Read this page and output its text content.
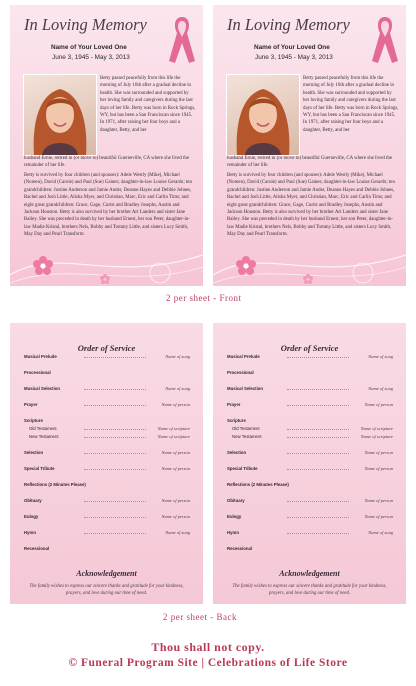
In Loving Memory
Name of Your Loved One
June 3, 1945 - May 3, 2013
Betty passed peacefully from this life the morning of July 16th after a gradual decline in health. She was surrounded and supported by her loving family and caregivers during the last days of her life. Betty was born in Rock Springs, WY, but has been a San Franciscan since 1945. In 1971, after raising her four boys and a daughter, Betty, and her
husband Ernie, retired in (or move to) beautiful Guerneville, CA where she lived the remainder of her life.
Betty is survived by four children (and spouses): Adele Westly (Mike), Michael (Noreen), David (Carole) and Paul (Sue) Gaines; daughter-in-law Louise Gerards; ten grandchildren: Justine Anderson and Jamie Ander, Deanne Hayes and Debbie Johnes, Rachel and Josh Little, Alisha Myer, and Christian, Marc, Eric and Carlin Tims; and eight great grandchildren: Grace, Gage, Curtis and Bradley Josephs, Austin and Jackson Houston. Betty is also survived by her brother Art Landers and sister Jane Bailey. She was preceded in death by her husband Ernest, her son Peter, daughter-in-law Madie Kristal, brothers Nels, Bobby and Tommy Little, and sisters Lucy Smith, May Day and Pearl Transform.
In Loving Memory
Name of Your Loved One
June 3, 1945 - May 3, 2013
Betty passed peacefully from this life the morning of July 16th after a gradual decline in health. She was surrounded and supported by her loving family and caregivers during the last days of her life. Betty was born in Rock Springs, WY, but has been a San Franciscan since 1945. In 1971, after raising her four boys and a daughter, Betty, and her
husband Ernie, retired in (or move to) beautiful Guerneville, CA where she lived the remainder of her life.
Betty is survived by four children (and spouses): Adele Westly (Mike), Michael (Noreen), David (Carole) and Paul (Sue) Gaines; daughter-in-law Louise Gerards; ten grandchildren: Justine Anderson and Jamie Ander, Deanne Hayes and Debbie Johnes, Rachel and Josh Little, Alisha Myer, and Christian, Marc, Eric and Carlin Tims; and eight great grandchildren: Grace, Gage, Curtis and Bradley Josephs, Austin and Jackson Houston. Betty is also survived by her brother Art Landers and sister Jane Bailey. She was preceded in death by her husband Ernest, her son Peter, daughter-in-law Madie Kristal, brothers Nels, Bobby and Tommy Little, and sisters Lucy Smith, May Day and Pearl Transform.
2 per sheet - Front
Order of Service
Musical Prelude	Name of song
Processional
Musical Selection	Name of song
Prayer	Name of person
Scripture
Old Testament	Name of scripture
New Testament	Name of scripture
Selection	Name of person
Special Tribute	Name of person
Reflections (2 Minutes Please)
Obituary	Name of person
Eulogy	Name of person
Hymn	Name of song
Recessional
Acknowledgement
The family wishes to express our sincere thanks and gratitude for your kindness, prayers, and love during our time of need.
Order of Service
Musical Prelude	Name of song
Processional
Musical Selection	Name of song
Prayer	Name of person
Scripture
Old Testament	Name of scripture
New Testament	Name of scripture
Selection	Name of person
Special Tribute	Name of person
Reflections (2 Minutes Please)
Obituary	Name of person
Eulogy	Name of person
Hymn	Name of song
Recessional
Acknowledgement
The family wishes to express our sincere thanks and gratitude for your kindness, prayers, and love during our time of need.
2 per sheet - Back
Thou shall not copy.
© Funeral Program Site | Celebrations of Life Store
